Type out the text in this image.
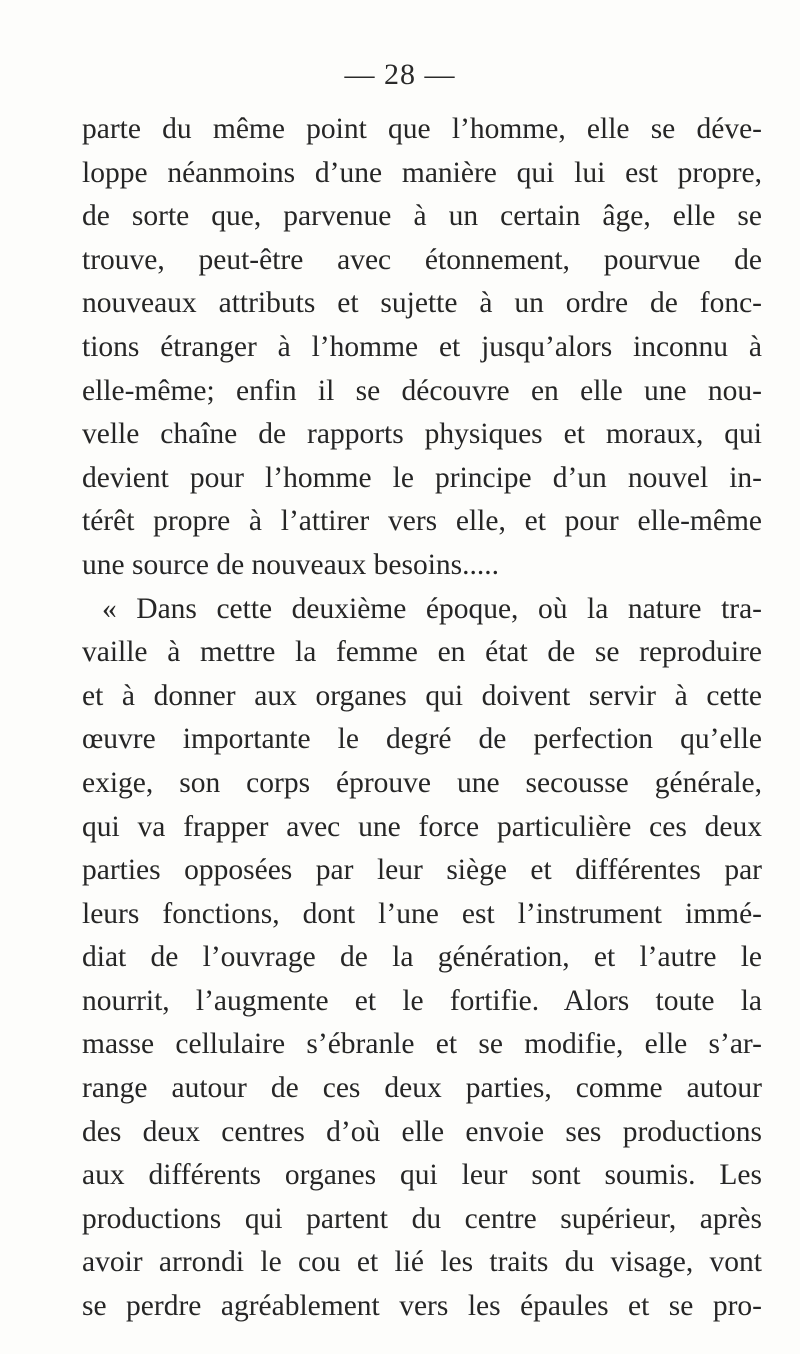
— 28 —
parte du même point que l’homme, elle se déve-
loppe néanmoins d’une manière qui lui est propre,
de sorte que, parvenue à un certain âge, elle se
trouve, peut-être avec étonnement, pourvue de
nouveaux attributs et sujette à un ordre de fonc-
tions étranger à l’homme et jusqu’alors inconnu à
elle-même; enfin il se découvre en elle une nou-
velle chaîne de rapports physiques et moraux, qui
devient pour l’homme le principe d’un nouvel in-
térêt propre à l’attirer vers elle, et pour elle-même
une source de nouveaux besoins.....
« Dans cette deuxième époque, où la nature tra-
vaille à mettre la femme en état de se reproduire
et à donner aux organes qui doivent servir à cette
œuvre importante le degré de perfection qu’elle
exige, son corps éprouve une secousse générale,
qui va frapper avec une force particulière ces deux
parties opposées par leur siège et différentes par
leurs fonctions, dont l’une est l’instrument immé-
diat de l’ouvrage de la génération, et l’autre le
nourrit, l’augmente et le fortifie. Alors toute la
masse cellulaire s’ébranle et se modifie, elle s’ar-
range autour de ces deux parties, comme autour
des deux centres d’où elle envoie ses productions
aux différents organes qui leur sont soumis. Les
productions qui partent du centre supérieur, après
avoir arrondi le cou et lié les traits du visage, vont
se perdre agréablement vers les épaules et se pro-
